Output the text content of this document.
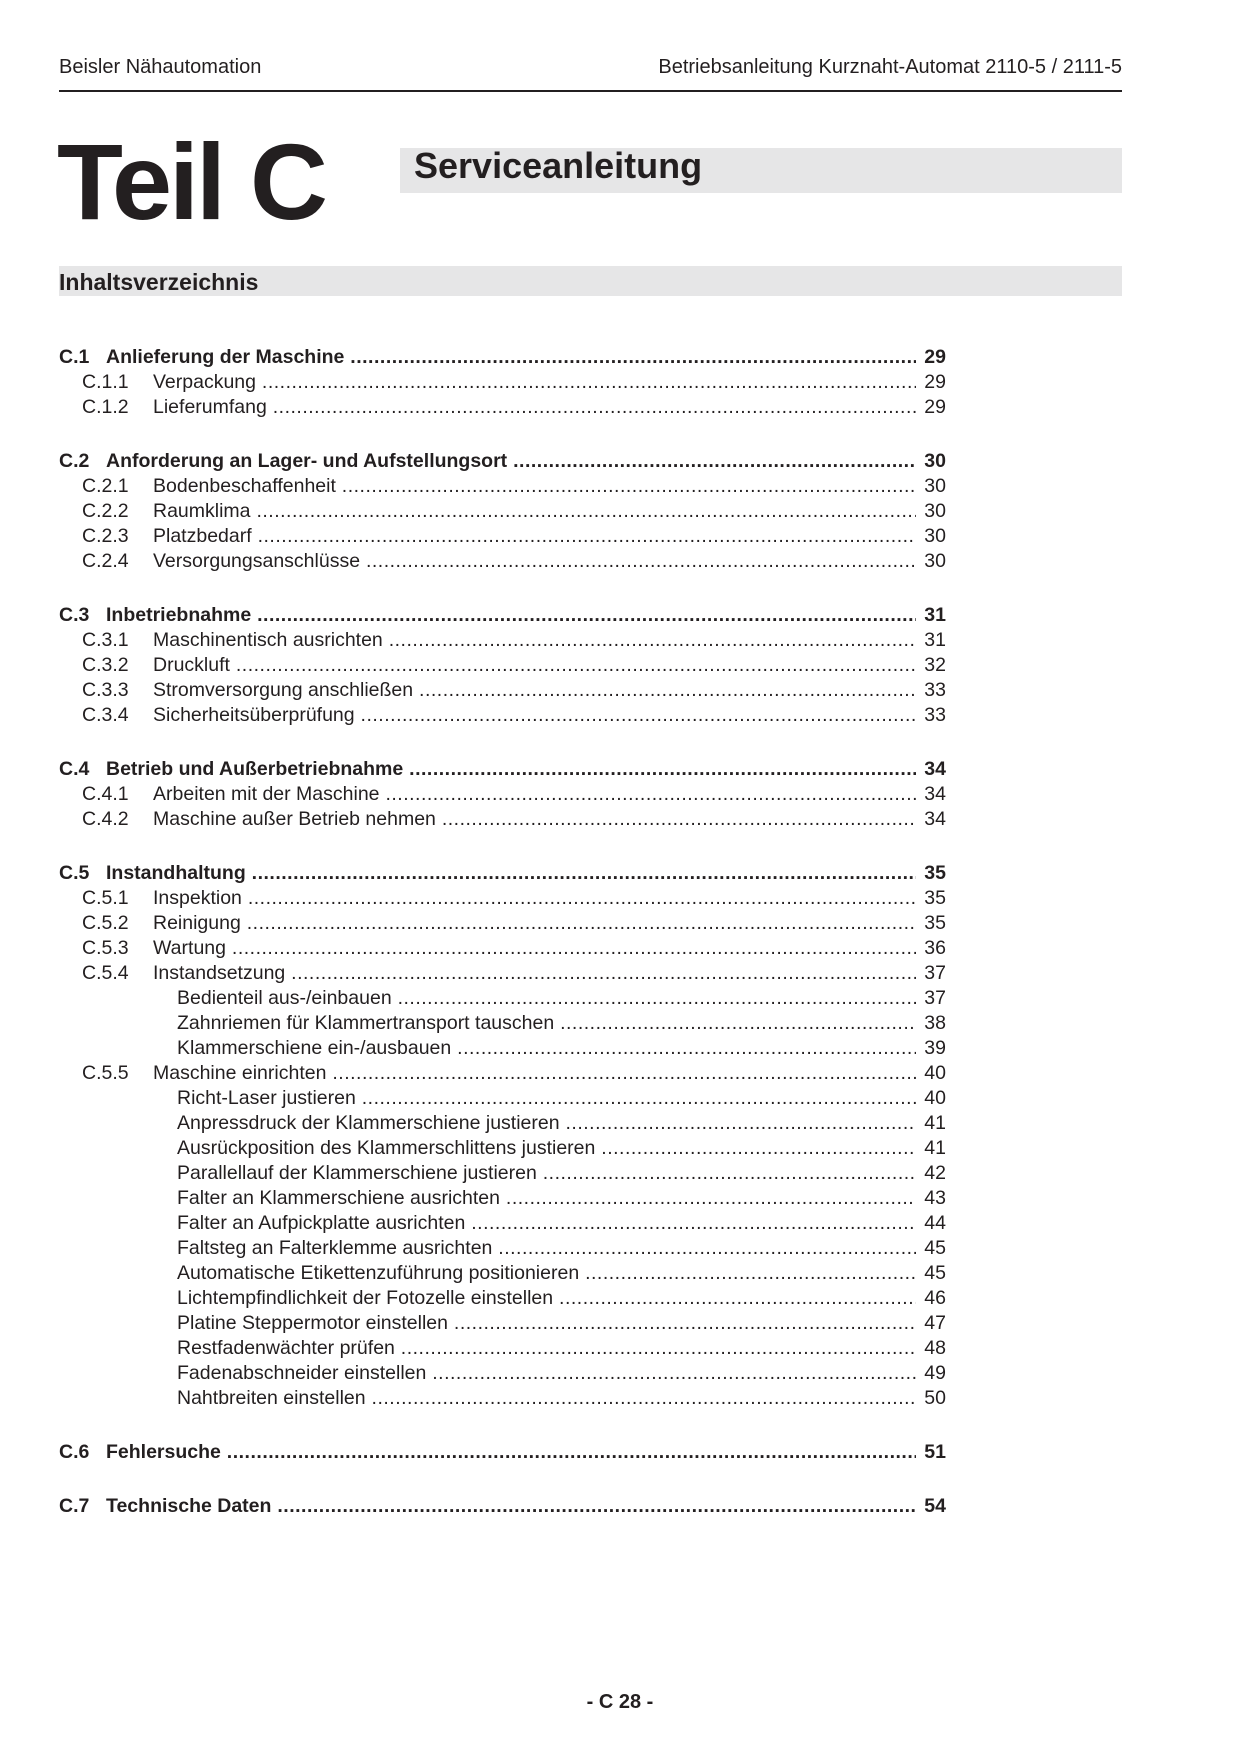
Beisler Nähautomation	Betriebsanleitung Kurznaht-Automat 2110-5 / 2111-5
Teil C Serviceanleitung
Inhaltsverzeichnis
C.1 Anlieferung der Maschine .....	29
C.1.1 Verpackung .....	29
C.1.2 Lieferumfang .....	29
C.2 Anforderung an Lager- und Aufstellungsort .....	30
C.2.1 Bodenbeschaffenheit .....	30
C.2.2 Raumklima .....	30
C.2.3 Platzbedarf .....	30
C.2.4 Versorgungsanschlüsse .....	30
C.3 Inbetriebnahme .....	31
C.3.1 Maschinentisch ausrichten .....	31
C.3.2 Druckluft .....	32
C.3.3 Stromversorgung anschließen .....	33
C.3.4 Sicherheitsüberprüfung .....	33
C.4 Betrieb und Außerbetriebnahme .....	34
C.4.1 Arbeiten mit der Maschine .....	34
C.4.2 Maschine außer Betrieb nehmen .....	34
C.5 Instandhaltung .....	35
C.5.1 Inspektion .....	35
C.5.2 Reinigung .....	35
C.5.3 Wartung .....	36
C.5.4 Instandsetzung .....	37
Bedienteil aus-/einbauen .....	37
Zahnriemen für Klammertransport tauschen .....	38
Klammerschiene ein-/ausbauen .....	39
C.5.5 Maschine einrichten .....	40
Richt-Laser justieren .....	40
Anpressdruck der Klammerschiene justieren .....	41
Ausrückposition des Klammerschlittens justieren .....	41
Parallellauf der Klammerschiene justieren .....	42
Falter an Klammerschiene ausrichten .....	43
Falter an Aufpickplatte ausrichten .....	44
Faltsteg an Falterklemme ausrichten .....	45
Automatische Etikettenzuführung positionieren .....	45
Lichtempfindlichkeit der Fotozelle einstellen .....	46
Platine Steppermotor einstellen .....	47
Restfadenwächter prüfen .....	48
Fadenabschneider einstellen .....	49
Nahtbreiten einstellen .....	50
C.6 Fehlersuche .....	51
C.7 Technische Daten .....	54
- C 28 -
